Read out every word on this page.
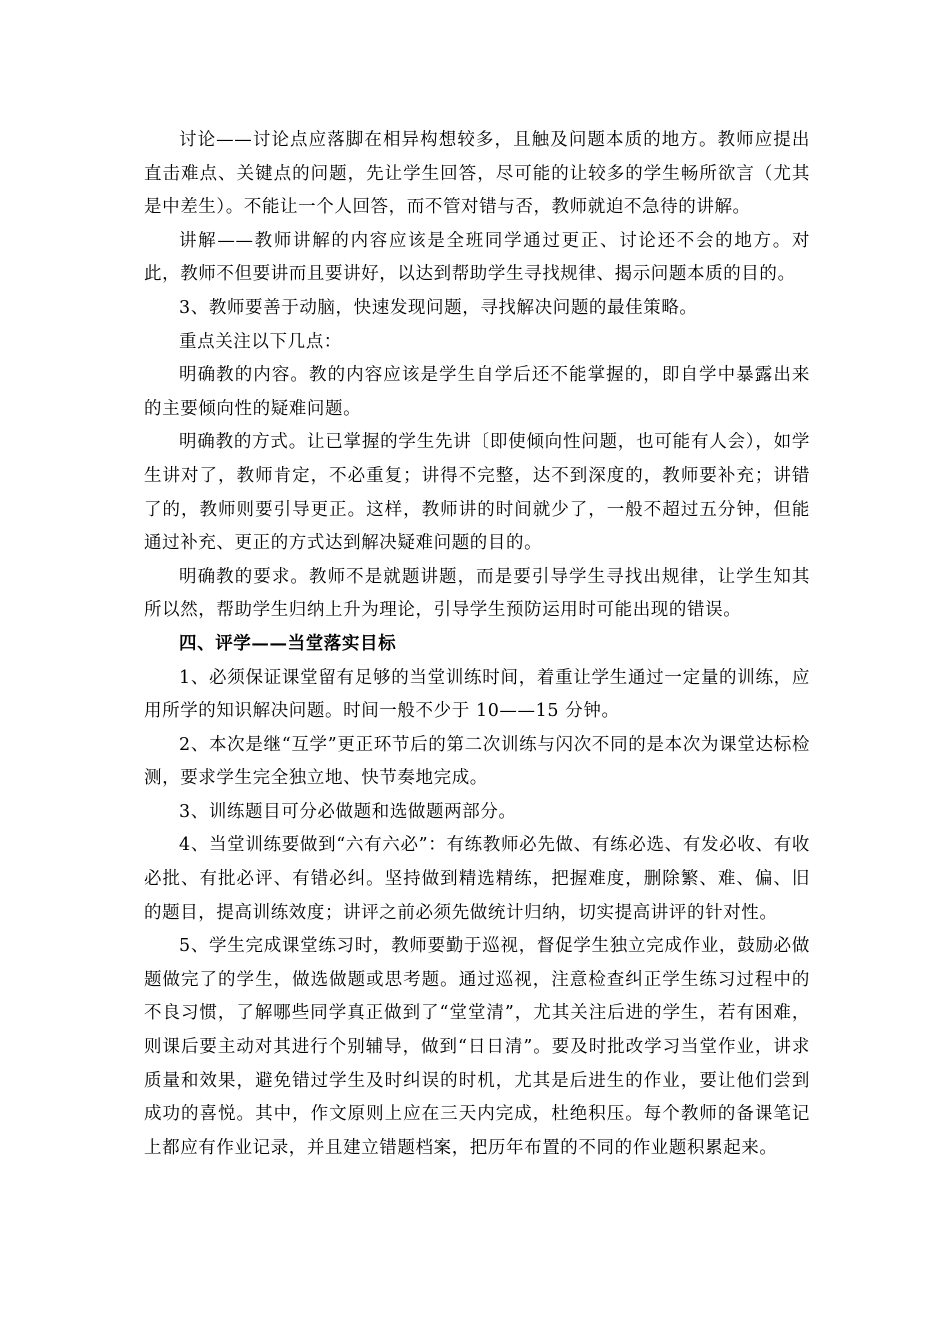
讨论——讨论点应落脚在相异构想较多，且触及问题本质的地方。教师应提出直击难点、关键点的问题，先让学生回答，尽可能的让较多的学生畅所欲言（尤其是中差生）。不能让一个人回答，而不管对错与否，教师就迫不急待的讲解。

讲解——教师讲解的内容应该是全班同学通过更正、讨论还不会的地方。对此，教师不但要讲而且要讲好，以达到帮助学生寻找规律、揭示问题本质的目的。

3、教师要善于动脑，快速发现问题，寻找解决问题的最佳策略。

重点关注以下几点：

明确教的内容。教的内容应该是学生自学后还不能掌握的，即自学中暴露出来的主要倾向性的疑难问题。

明确教的方式。让已掌握的学生先讲〔即使倾向性问题，也可能有人会），如学生讲对了，教师肯定，不必重复；讲得不完整，达不到深度的，教师要补充；讲错了的，教师则要引导更正。这样，教师讲的时间就少了，一般不超过五分钟，但能通过补充、更正的方式达到解决疑难问题的目的。

明确教的要求。教师不是就题讲题，而是要引导学生寻找出规律，让学生知其所以然，帮助学生归纳上升为理论，引导学生预防运用时可能出现的错误。

四、评学——当堂落实目标

1、必须保证课堂留有足够的当堂训练时间，着重让学生通过一定量的训练，应用所学的知识解决问题。时间一般不少于 10——15 分钟。

2、本次是继“互学”更正环节后的第二次训练与闪次不同的是本次为课堂达标检测，要求学生完全独立地、快节奏地完成。

3、训练题目可分必做题和选做题两部分。

4、当堂训练要做到“六有六必”：有练教师必先做、有练必选、有发必收、有收必批、有批必评、有错必纠。坚持做到精选精练，把握难度，删除繁、难、偏、旧的题目，提高训练效度；讲评之前必须先做统计归纳，切实提高讲评的针对性。

5、学生完成课堂练习时，教师要勤于巡视，督促学生独立完成作业，鼓励必做题做完了的学生，做选做题或思考题。通过巡视，注意检查纠正学生练习过程中的不良习惯，了解哪些同学真正做到了“堂堂清”，尤其关注后进的学生，若有困难，则课后要主动对其进行个别辅导，做到“日日清”。要及时批改学习当堂作业，讲求质量和效果，避免错过学生及时纠误的时机，尤其是后进生的作业，要让他们尝到成功的喜悦。其中，作文原则上应在三天内完成，杜绝积压。每个教师的备课笔记上都应有作业记录，并且建立错题档案，把历年布置的不同的作业题积累起来。
